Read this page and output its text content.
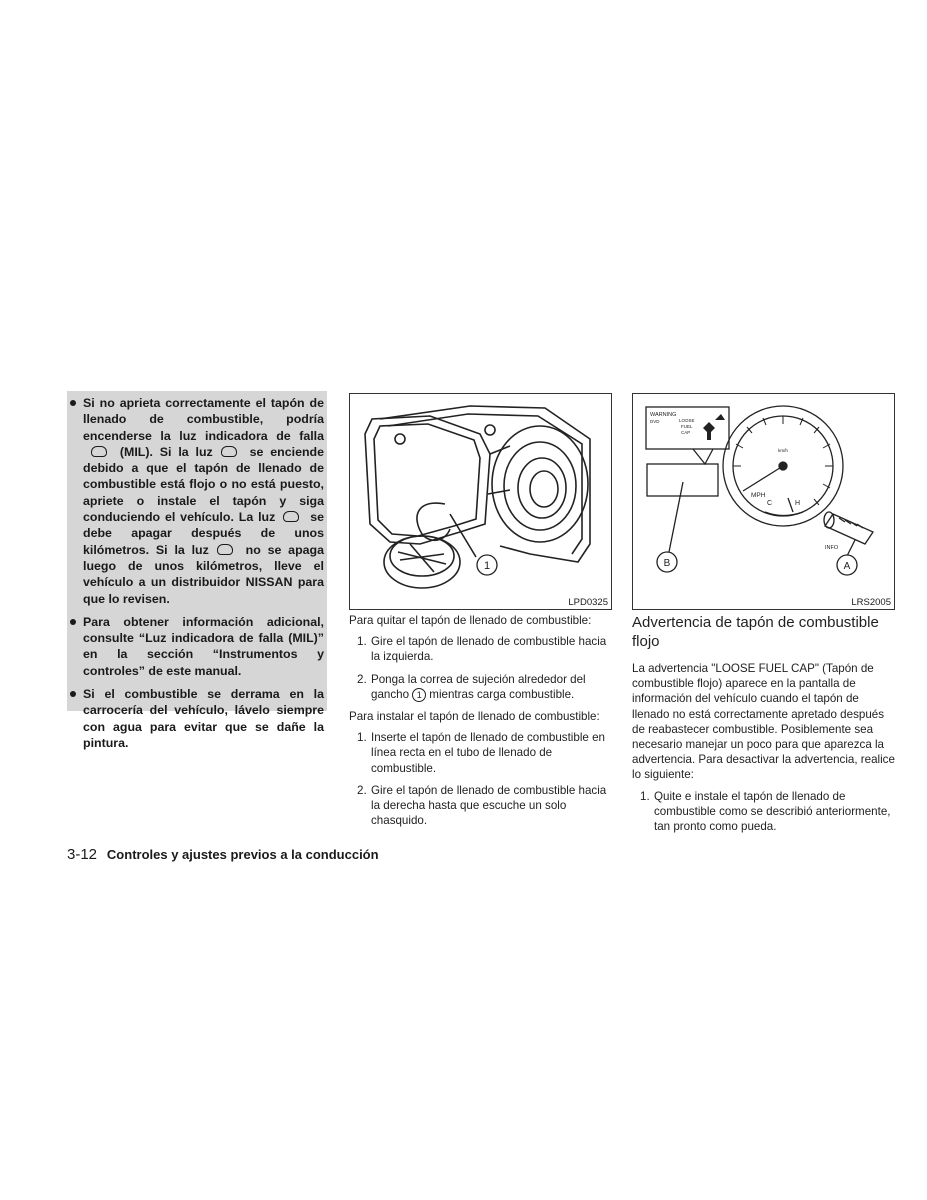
Si no aprieta correctamente el tapón de llenado de combustible, podría encenderse la luz indicadora de falla (MIL). Si la luz	se enciende debido a que el tapón de llenado de combustible está flojo o no está puesto, apriete o instale el tapón y siga conduciendo el vehículo. La luz	se debe apagar después de unos kilómetros. Si la luz	no se apaga luego de unos kilómetros, lleve el vehículo a un distribuidor NISSAN para que lo revisen.
Para obtener información adicional, consulte “Luz indicadora de falla (MIL)” en la sección “Instrumentos y controles” de este manual.
Si el combustible se derrama en la carrocería del vehículo, lávelo siempre con agua para evitar que se dañe la pintura.
1
LPD0325
WARNING
DVD	LOOSE
FUEL
CAP
MPH
C	H
km/h
INFO
B	A
LRS2005

Para quitar el tapón de llenado de combustible:

1. Gire el tapón de llenado de combustible hacia la izquierda.
2. Ponga la correa de sujeción alrededor del gancho 1 mientras carga combustible.

Para instalar el tapón de llenado de combustible:

1. Inserte el tapón de llenado de combustible en línea recta en el tubo de llenado de combustible.
2. Gire el tapón de llenado de combustible hacia la derecha hasta que escuche un solo chasquido.
Advertencia de tapón de combustible flojo

La advertencia "LOOSE FUEL CAP" (Tapón de combustible flojo) aparece en la pantalla de información del vehículo cuando el tapón de llenado no está correctamente apretado después de reabastecer combustible. Posiblemente sea necesario manejar un poco para que aparezca la advertencia. Para desactivar la advertencia, realice lo siguiente:

1. Quite e instale el tapón de llenado de combustible como se describió anteriormente, tan pronto como pueda.
3-12 Controles y ajustes previos a la conducción
